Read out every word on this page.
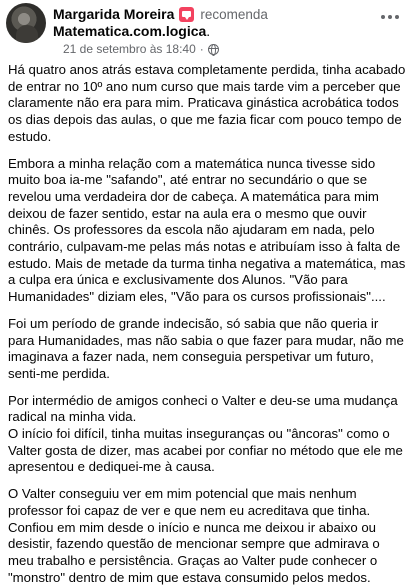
Margarida Moreira recomenda
Matematica.com.logica.
21 de setembro às 18:40 ·

Há quatro anos atrás estava completamente perdida, tinha acabado de entrar no 10º ano num curso que mais tarde vim a perceber que claramente não era para mim. Praticava ginástica acrobática todos os dias depois das aulas, o que me fazia ficar com pouco tempo de estudo.

Embora a minha relação com a matemática nunca tivesse sido muito boa ia-me "safando", até entrar no secundário o que se revelou uma verdadeira dor de cabeça. A matemática para mim deixou de fazer sentido, estar na aula era o mesmo que ouvir chinês. Os professores da escola não ajudaram em nada, pelo contrário, culpavam-me pelas más notas e atribuíam isso à falta de estudo. Mais de metade da turma tinha negativa a matemática, mas a culpa era única e exclusivamente dos Alunos. "Vão para Humanidades" diziam eles, "Vão para os cursos profissionais"....

Foi um período de grande indecisão, só sabia que não queria ir para Humanidades, mas não sabia o que fazer para mudar, não me imaginava a fazer nada, nem conseguia perspetivar um futuro, senti-me perdida.

Por intermédio de amigos conheci o Valter e deu-se uma mudança radical na minha vida.

O início foi difícil, tinha muitas inseguranças ou "âncoras" como o Valter gosta de dizer, mas acabei por confiar no método que ele me apresentou e dediquei-me à causa.

O Valter conseguiu ver em mim potencial que mais nenhum professor foi capaz de ver e que nem eu acreditava que tinha. Confiou em mim desde o início e nunca me deixou ir abaixo ou desistir, fazendo questão de mencionar sempre que admirava o meu trabalho e persistência. Graças ao Valter pude conhecer o "monstro" dentro de mim que estava consumido pelos medos.
